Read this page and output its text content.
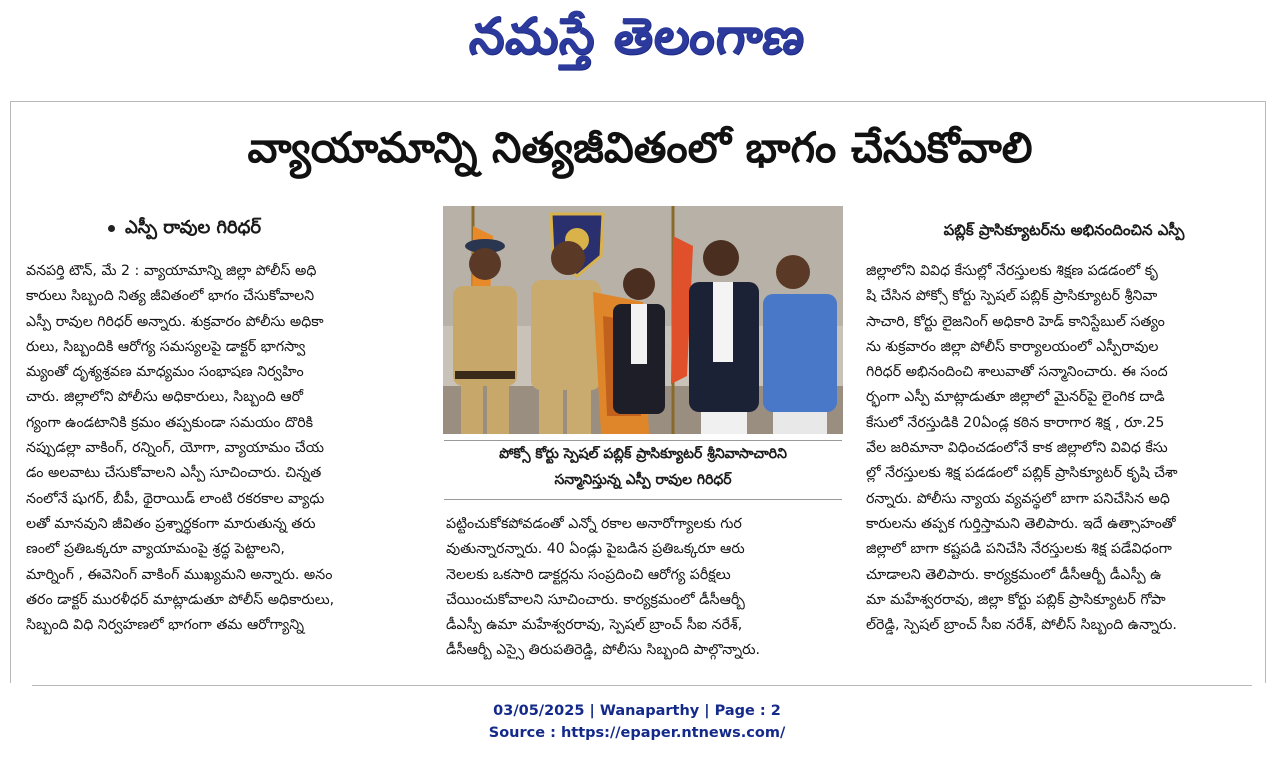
నమస్తే తెలంగాణ
వ్యాయామాన్ని నిత్యజీవితంలో భాగం చేసుకోవాలి
ఎస్పీ రావుల గిరిధర్
వనపర్తి టౌన్, మే 2 : వ్యాయామాన్ని జిల్లా పోలీస్ అధి
కారులు సిబ్బంది నిత్య జీవితంలో భాగం చేసుకోవాలని
ఎస్పీ రావుల గిరిధర్ అన్నారు. శుక్రవారం పోలీసు అధికా
రులు, సిబ్బందికి ఆరోగ్య సమస్యలపై డాక్టర్ భాగస్వా
మ్యంతో దృశ్యశ్రవణ మాధ్యమం సంభాషణ నిర్వహిం
చారు. జిల్లాలోని పోలీసు అధికారులు, సిబ్బంది ఆరో
గ్యంగా ఉండటానికి క్రమం తప్పకుండా సమయం దొరికి
నప్పుడల్లా వాకింగ్, రన్నింగ్, యోగా, వ్యాయామం చేయ
డం అలవాటు చేసుకోవాలని ఎస్పీ సూచించారు. చిన్నత
నంలోనే షుగర్, బీపీ, థైరాయిడ్ లాంటి రకరకాల వ్యాధు
లతో మానవుని జీవితం ప్రశ్నార్థకంగా మారుతున్న తరు
ణంలో ప్రతిఒక్కరూ వ్యాయామంపై శ్రద్ధ పెట్టాలని,
మార్నింగ్ , ఈవెనింగ్ వాకింగ్ ముఖ్యమని అన్నారు. అనం
తరం డాక్టర్ మురళీధర్ మాట్లాడుతూ పోలీస్ అధికారులు,
సిబ్బంది విధి నిర్వహణలో భాగంగా తమ ఆరోగ్యాన్ని
పోక్సో కోర్టు స్పెషల్ పబ్లిక్ ప్రాసిక్యూటర్ శ్రీనివాసాచారిని
సన్మానిస్తున్న ఎస్పీ రావుల గిరిధర్
పట్టించుకోకపోవడంతో ఎన్నో రకాల అనారోగ్యాలకు గుర
వుతున్నారన్నారు. 40 ఏండ్లు పైబడిన ప్రతిఒక్కరూ ఆరు
నెలలకు ఒకసారి డాక్టర్లను సంప్రదించి ఆరోగ్య పరీక్షలు
చేయించుకోవాలని సూచించారు. కార్యక్రమంలో డీసీఆర్బీ
డీఎస్పీ ఉమా మహేశ్వరరావు, స్పెషల్ బ్రాంచ్ సీఐ నరేశ్,
డీసీఆర్బీ ఎస్సై తిరుపతిరెడ్డి, పోలీసు సిబ్బంది పాల్గొన్నారు.
పబ్లిక్ ప్రాసిక్యూటర్‌ను అభినందించిన ఎస్పీ
జిల్లాలోని వివిధ కేసుల్లో నేరస్తులకు శిక్షణ పడడంలో కృ
షి చేసిన పోక్సో కోర్టు స్పెషల్ పబ్లిక్ ప్రాసిక్యూటర్ శ్రీనివా
సాచారి, కోర్టు లైజనింగ్ అధికారి హెడ్ కానిస్టేబుల్ సత్యం
ను శుక్రవారం జిల్లా పోలీస్ కార్యాలయంలో ఎస్పీరావుల
గిరిధర్ అభినందించి శాలువాతో సన్మానించారు. ఈ సంద
ర్భంగా ఎస్పీ మాట్లాడుతూ జిల్లాలో మైనర్‌పై లైంగిక దాడి
కేసులో నేరస్తుడికి 20ఏండ్ల కఠిన కారాగార శిక్ష , రూ.25
వేల జరిమానా విధించడంలోనే కాక జిల్లాలోని వివిధ కేసు
ల్లో నేరస్తులకు శిక్ష పడడంలో పబ్లిక్ ప్రాసిక్యూటర్ కృషి చేశా
రన్నారు. పోలీసు న్యాయ వ్యవస్థలో బాగా పనిచేసిన అధి
కారులను తప్పక గుర్తిస్తామని తెలిపారు. ఇదే ఉత్సాహంతో
జిల్లాలో బాగా కష్టపడి పనిచేసి నేరస్తులకు శిక్ష పడేవిధంగా
చూడాలని తెలిపారు. కార్యక్రమంలో డీసీఆర్బీ డీఎస్పీ ఉ
మా మహేశ్వరరావు, జిల్లా కోర్టు పబ్లిక్ ప్రాసిక్యూటర్ గోపా
ల్‌రెడ్డి, స్పెషల్ బ్రాంచ్ సీఐ నరేశ్, పోలీస్ సిబ్బంది ఉన్నారు.
03/05/2025 | Wanaparthy | Page : 2
Source : https://epaper.ntnews.com/
